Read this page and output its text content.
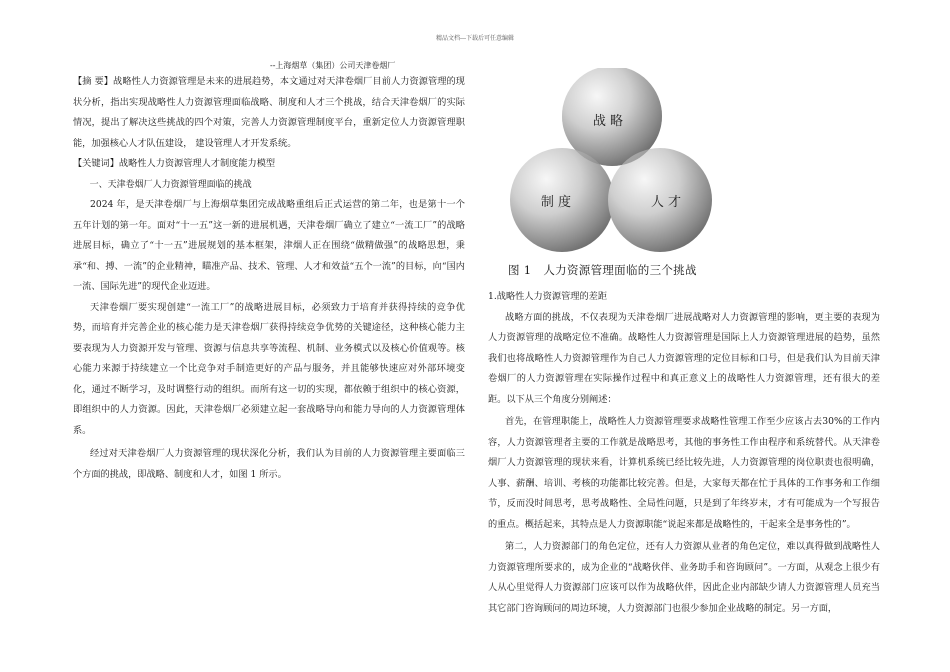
精品文档---下载后可任意编辑
--上海烟草（集团）公司天津卷烟厂

【摘 要】战略性人力资源管理是未来的进展趋势，本文通过对天津卷烟厂目前人力资源管理的现状分析，指出实现战略性人力资源管理面临战略、制度和人才三个挑战，结合天津卷烟厂的实际情况，提出了解决这些挑战的四个对策，完善人力资源管理制度平台，重新定位人力资源管理职能，加强核心人才队伍建设， 建设管理人才开发系统。

【关键词】战略性人力资源管理人才制度能力模型

一、天津卷烟厂人力资源管理面临的挑战

2024 年，是天津卷烟厂与上海烟草集团完成战略重组后正式运营的第二年，也是第十一个五年计划的第一年。面对“十一五”这一新的进展机遇，天津卷烟厂确立了建立“一流工厂”的战略进展目标，确立了“十一五”进展规划的基本框架，津烟人正在围绕“做精做强”的战略思想，秉承“和、搏、一流”的企业精神，瞄准产品、技术、管理、人才和效益“五个一流”的目标，向“国内一流、国际先进”的现代企业迈进。

天津卷烟厂要实现创建“一流工厂”的战略进展目标，必须致力于培育并获得持续的竞争优势，而培育并完善企业的核心能力是天津卷烟厂获得持续竞争优势的关键途径，这种核心能力主要表现为人力资源开发与管理、资源与信息共享等流程、机制、业务模式以及核心价值观等。核心能力来源于持续建立一个比竞争对手制造更好的产品与服务，并且能够快速应对外部环境变化，通过不断学习，及时调整行动的组织。而所有这一切的实现，都依赖于组织中的核心资源，即组织中的人力资源。因此，天津卷烟厂必须建立起一套战略导向和能力导向的人力资源管理体系。

经过对天津卷烟厂人力资源管理的现状深化分析，我们认为目前的人力资源管理主要面临三个方面的挑战，即战略、制度和人才，如图 1 所示。

战 略
制 度	人 才
图 1 人力资源管理面临的三个挑战

1.战略性人力资源管理的差距

战略方面的挑战，不仅表现为天津卷烟厂进展战略对人力资源管理的影响，更主要的表现为人力资源管理的战略定位不准确。战略性人力资源管理是国际上人力资源管理进展的趋势，虽然我们也将战略性人力资源管理作为自己人力资源管理的定位目标和口号，但是我们认为目前天津卷烟厂的人力资源管理在实际操作过程中和真正意义上的战略性人力资源管理，还有很大的差距。以下从三个角度分别阐述：

首先，在管理职能上，战略性人力资源管理要求战略性管理工作至少应该占去30%的工作内容，人力资源管理者主要的工作就是战略思考，其他的事务性工作由程序和系统替代。从天津卷烟厂人力资源管理的现状来看，计算机系统已经比较先进，人力资源管理的岗位职责也很明确，人事、薪酬、培训、考核的功能都比较完善。但是，大家每天都在忙于具体的工作事务和工作细节，反而没时间思考，思考战略性、全局性问题，只是到了年终岁末，才有可能成为一个写报告的重点。概括起来，其特点是人力资源职能“说起来都是战略性的，干起来全是事务性的”。

第二，人力资源部门的角色定位，还有人力资源从业者的角色定位，难以真得做到战略性人力资源管理所要求的，成为企业的“战略伙伴、业务助手和咨询顾问”。一方面，从观念上很少有人从心里觉得人力资源部门应该可以作为战略伙伴，因此企业内部缺少请人力资源管理人员充当其它部门咨询顾问的周边环境，人力资源部门也很少参加企业战略的制定。另一方面，
